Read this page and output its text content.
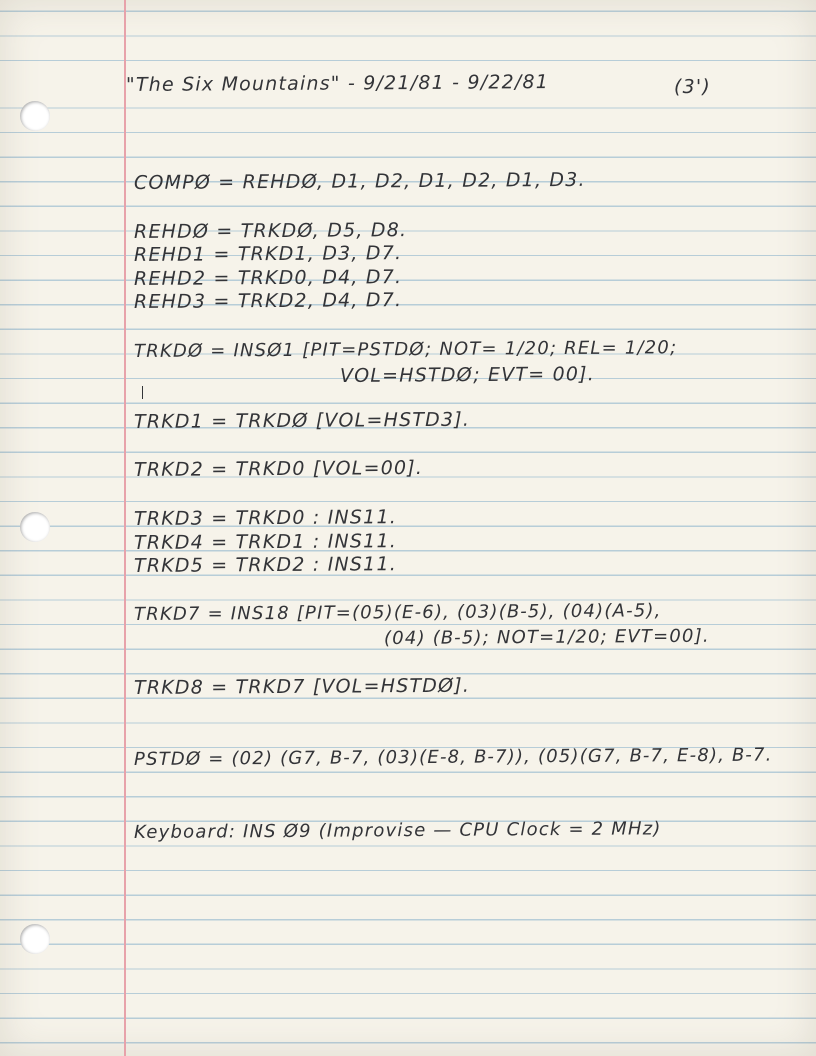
"The Six Mountains" - 9/21/81 - 9/22/81	(3')
COMPØ = REHDØ, D1, D2, D1, D2, D1, D3.
REHDØ = TRKDØ, D5, D8.
REHD1 = TRKD1, D3, D7.
REHD2 = TRKD0, D4, D7.
REHD3 = TRKD2, D4, D7.
TRKDØ = INSØ1 [PIT=PSTDØ; NOT= 1/20; REL= 1/20;
VOL=HSTDØ; EVT= 00].
TRKD1 = TRKDØ [VOL=HSTD3].
TRKD2 = TRKD0 [VOL=00].
TRKD3 = TRKD0 : INS11.
TRKD4 = TRKD1 : INS11.
TRKD5 = TRKD2 : INS11.
TRKD7 = INS18 [PIT=(05)(E-6), (03)(B-5), (04)(A-5),
(04) (B-5); NOT=1/20; EVT=00].
TRKD8 = TRKD7 [VOL=HSTDØ].
PSTDØ = (02) (G7, B-7, (03)(E-8, B-7)), (05)(G7, B-7, E-8), B-7.
Keyboard: INS Ø9 (Improvise — CPU Clock = 2 MHz)
